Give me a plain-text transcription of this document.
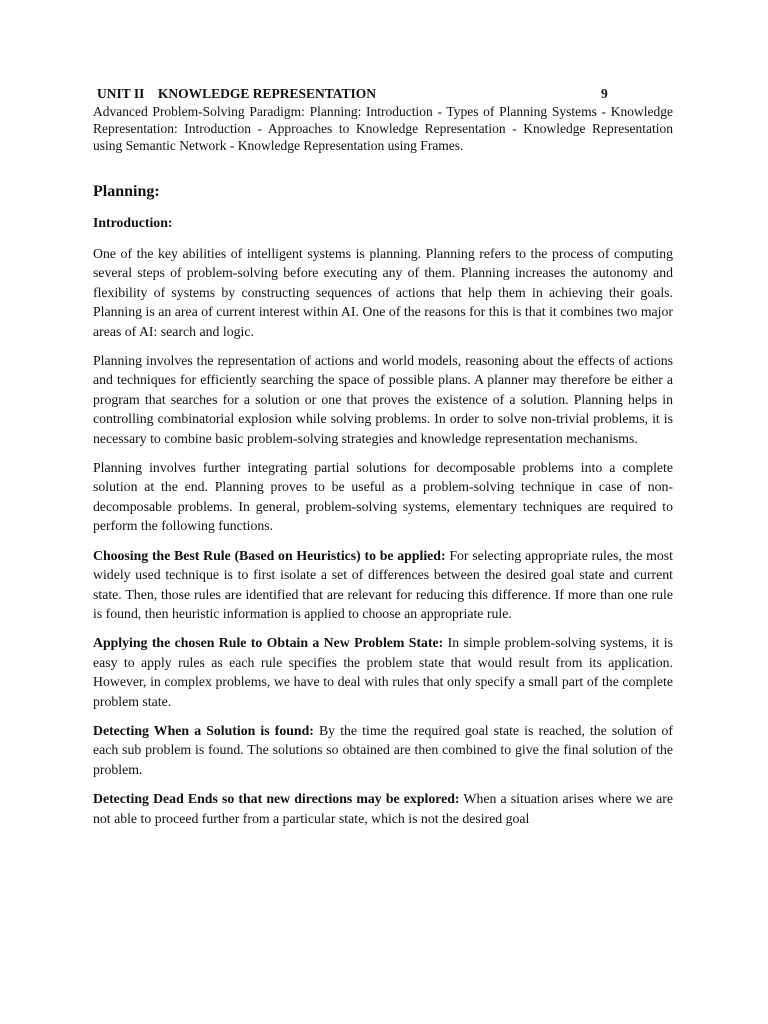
UNIT II    KNOWLEDGE REPRESENTATION	9

Advanced Problem-Solving Paradigm: Planning: Introduction - Types of Planning Systems - Knowledge Representation: Introduction - Approaches to Knowledge Representation - Knowledge Representation using Semantic Network - Knowledge Representation using Frames.

Planning:
Introduction:

One of the key abilities of intelligent systems is planning. Planning refers to the process of computing several steps of problem-solving before executing any of them. Planning increases the autonomy and flexibility of systems by constructing sequences of actions that help them in achieving their goals. Planning is an area of current interest within AI. One of the reasons for this is that it combines two major areas of AI: search and logic.

Planning involves the representation of actions and world models, reasoning about the effects of actions and techniques for efficiently searching the space of possible plans. A planner may therefore be either a program that searches for a solution or one that proves the existence of a solution. Planning helps in controlling combinatorial explosion while solving problems. In order to solve non-trivial problems, it is necessary to combine basic problem-solving strategies and knowledge representation mechanisms.

Planning involves further integrating partial solutions for decomposable problems into a complete solution at the end. Planning proves to be useful as a problem-solving technique in case of non-decomposable problems. In general, problem-solving systems, elementary techniques are required to perform the following functions.

Choosing the Best Rule (Based on Heuristics) to be applied: For selecting appropriate rules, the most widely used technique is to first isolate a set of differences between the desired goal state and current state. Then, those rules are identified that are relevant for reducing this difference. If more than one rule is found, then heuristic information is applied to choose an appropriate rule.

Applying the chosen Rule to Obtain a New Problem State: In simple problem-solving systems, it is easy to apply rules as each rule specifies the problem state that would result from its application. However, in complex problems, we have to deal with rules that only specify a small part of the complete problem state.

Detecting When a Solution is found: By the time the required goal state is reached, the solution of each sub problem is found. The solutions so obtained are then combined to give the final solution of the problem.

Detecting Dead Ends so that new directions may be explored: When a situation arises where we are not able to proceed further from a particular state, which is not the desired goal
